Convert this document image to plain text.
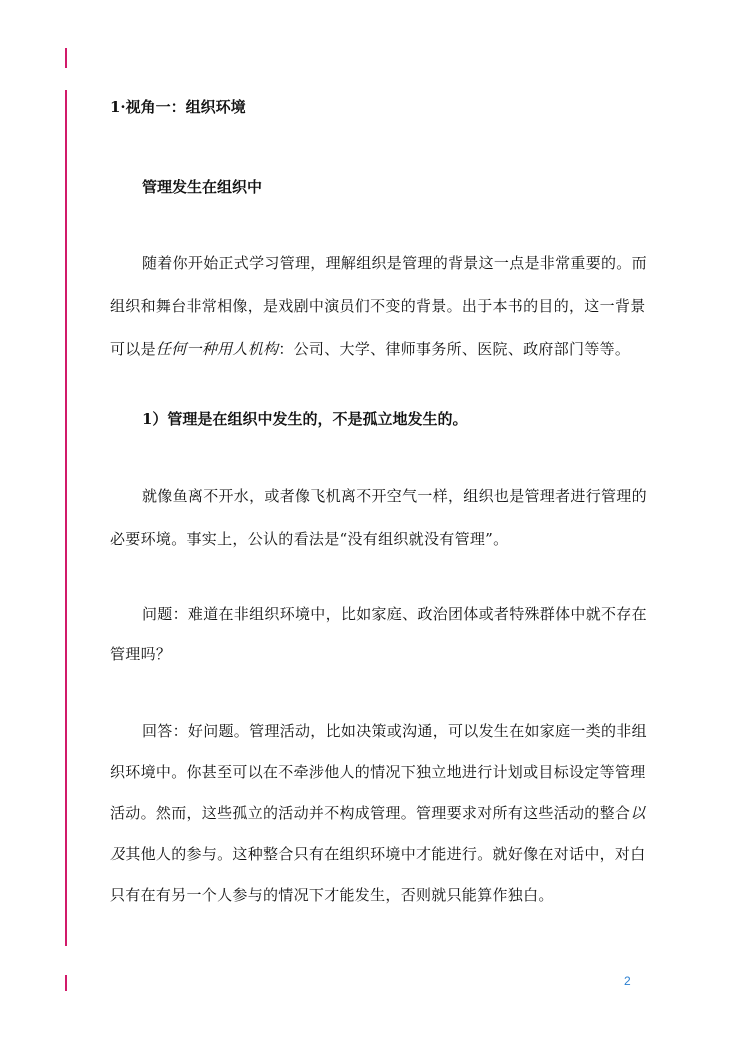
1·视角一：组织环境
管理发生在组织中
随着你开始正式学习管理，理解组织是管理的背景这一点是非常重要的。而
组织和舞台非常相像，是戏剧中演员们不变的背景。出于本书的目的，这一背景
可以是任何一种用人机构：公司、大学、律师事务所、医院、政府部门等等。
1）管理是在组织中发生的，不是孤立地发生的。
就像鱼离不开水，或者像飞机离不开空气一样，组织也是管理者进行管理的
必要环境。事实上，公认的看法是“没有组织就没有管理”。
问题：难道在非组织环境中，比如家庭、政治团体或者特殊群体中就不存在
管理吗？
回答：好问题。管理活动，比如决策或沟通，可以发生在如家庭一类的非组
织环境中。你甚至可以在不牵涉他人的情况下独立地进行计划或目标设定等管理
活动。然而，这些孤立的活动并不构成管理。管理要求对所有这些活动的整合以
及其他人的参与。这种整合只有在组织环境中才能进行。就好像在对话中，对白
只有在有另一个人参与的情况下才能发生，否则就只能算作独白。
2
